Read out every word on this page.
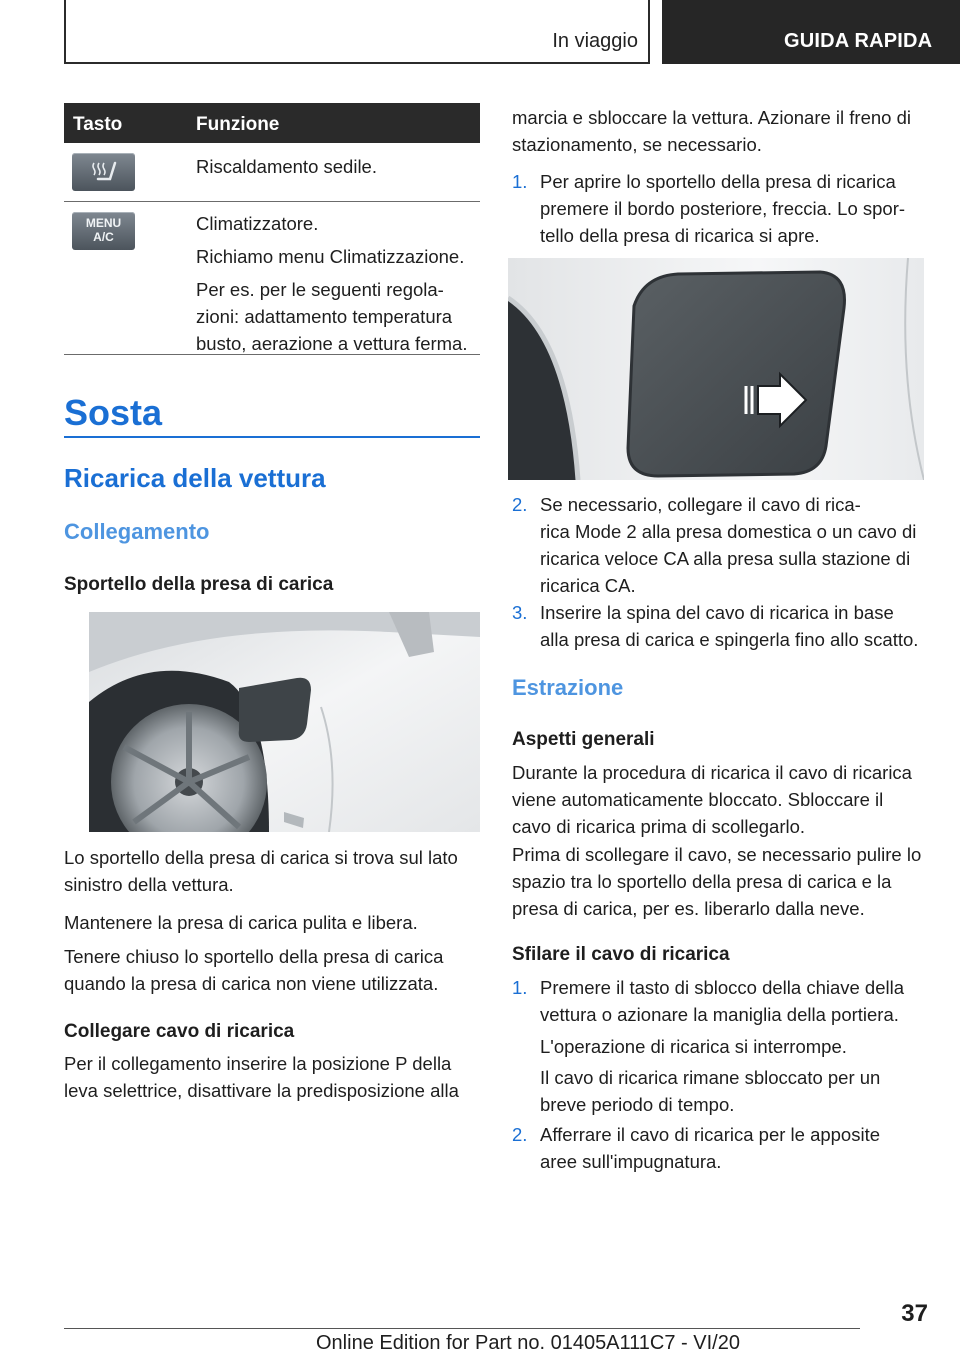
In viaggio	GUIDA RAPIDA
Tasto	Funzione
Riscaldamento sedile.
MENU
A/C

Climatizzatore.

Richiamo menu Climatizzazione.

Per es. per le seguenti regola-
zioni: adattamento temperatura
busto, aerazione a vettura ferma.

Sosta
Ricarica della vettura
Collegamento
Sportello della presa di carica
Lo sportello della presa di carica si trova sul lato
sinistro della vettura.
Mantenere la presa di carica pulita e libera.
Tenere chiuso lo sportello della presa di carica
quando la presa di carica non viene utilizzata.
Collegare cavo di ricarica
Per il collegamento inserire la posizione P della
leva selettrice, disattivare la predisposizione alla
marcia e sbloccare la vettura. Azionare il freno di
stazionamento, se necessario.
1. Per aprire lo sportello della presa di ricarica
premere il bordo posteriore, freccia. Lo spor-
tello della presa di ricarica si apre.
2. Se necessario, collegare il cavo di rica-
rica Mode 2 alla presa domestica o un cavo di
ricarica veloce CA alla presa sulla stazione di
ricarica CA.
3. Inserire la spina del cavo di ricarica in base
alla presa di carica e spingerla fino allo scatto.
Estrazione
Aspetti generali
Durante la procedura di ricarica il cavo di ricarica
viene automaticamente bloccato. Sbloccare il
cavo di ricarica prima di scollegarlo.
Prima di scollegare il cavo, se necessario pulire lo
spazio tra lo sportello della presa di carica e la
presa di carica, per es. liberarlo dalla neve.
Sfilare il cavo di ricarica
1. Premere il tasto di sblocco della chiave della
vettura o azionare la maniglia della portiera.
L'operazione di ricarica si interrompe.
Il cavo di ricarica rimane sbloccato per un
breve periodo di tempo.
2. Afferrare il cavo di ricarica per le apposite
aree sull'impugnatura.
37
Online Edition for Part no. 01405A111C7 - VI/20
